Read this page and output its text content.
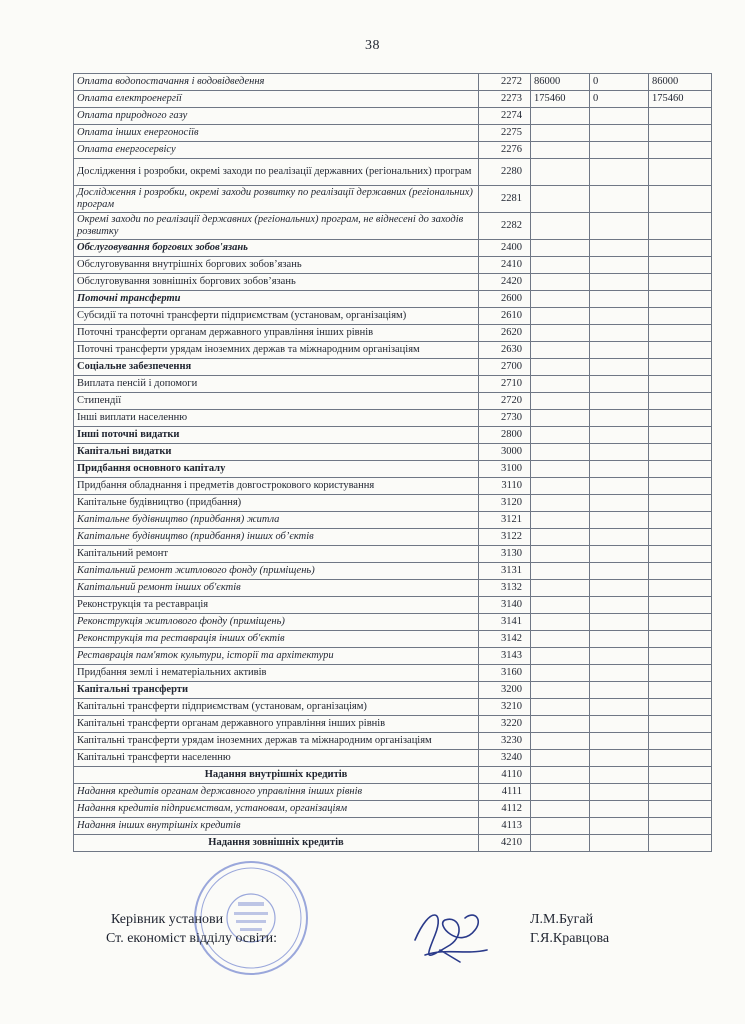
38
Оплата водопостачання і водовідведення	2272	86000	0	86000
Оплата електроенергії	2273	175460	0	175460
Оплата природного газу	2274			
Оплата інших енергоносіїв	2275			
Оплата енергосервісу	2276			
Дослідження і розробки, окремі заходи по реалізації державних (регіональних) програм	2280			
Дослідження і розробки, окремі заходи розвитку по реалізації державних (регіональних) програм	2281			
Окремі заходи по реалізації державних (регіональних) програм, не віднесені до заходів розвитку	2282			
Обслуговування боргових зобов'язань	2400			
Обслуговування внутрішніх боргових зобов’язань	2410			
Обслуговування зовнішніх боргових зобов’язань	2420			
Поточні трансферти	2600			
Субсидії та поточні трансферти підприємствам (установам, організаціям)	2610			
Поточні трансферти органам державного управління інших рівнів	2620			
Поточні трансферти урядам іноземних держав та міжнародним організаціям	2630			
Соціальне забезпечення	2700			
Виплата пенсій і допомоги	2710			
Стипендії	2720			
Інші виплати населенню	2730			
Інші поточні видатки	2800			
Капітальні видатки	3000			
Придбання основного капіталу	3100			
Придбання обладнання і предметів довгострокового користування	3110			
Капітальне будівництво (придбання)	3120			
Капітальне будівництво (придбання) житла	3121			
Капітальне будівництво (придбання) інших об’єктів	3122			
Капітальний ремонт	3130			
Капітальний ремонт житлового фонду (приміщень)	3131			
Капітальний ремонт інших об'єктів	3132			
Реконструкція та реставрація	3140			
Реконструкція житлового фонду (приміщень)	3141			
Реконструкція та реставрація інших об'єктів	3142			
Реставрація пам'яток культури, історії та архітектури	3143			
Придбання землі і нематеріальних активів	3160			
Капітальні трансферти	3200			
Капітальні трансферти підприємствам (установам, організаціям)	3210			
Капітальні трансферти органам державного управління інших рівнів	3220			
Капітальні трансферти урядам іноземних держав та міжнародним організаціям	3230			
Капітальні трансферти населенню	3240			
Надання внутрішніх кредитів	4110			
Надання кредитів органам державного управління інших рівнів	4111			
Надання кредитів підприємствам, установам, організаціям	4112			
Надання інших внутрішніх кредитів	4113			
Надання зовнішніх кредитів	4210			
Керівник установи	Л.М.Бугай
Ст. економіст відділу освіти:	Г.Я.Кравцова
